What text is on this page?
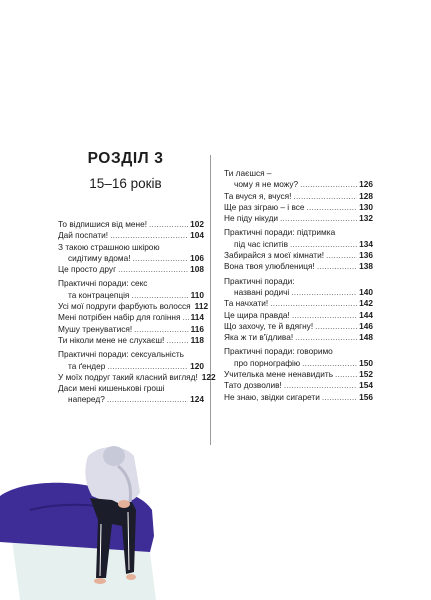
РОЗДІЛ 3
15–16 років
То відпишися від мене! .....	102
Дай поспати! .....	104
З такою страшною шкірою
сидітиму вдома! .....	106
Це просто друг .....	108
Практичні поради: секс
та контрацепція .....	110
Усі мої подруги фарбують волосся 112
Мені потрібен набір для гоління ..... 114
Мушу тренуватися! .....	116
Ти ніколи мене не слухаєш! .....	118
Практичні поради: сексуальність
та ґендер .....	120
У моїх подруг такий класний вигляд! 122
Даси мені кишенькові гроші
наперед? .....	124
Ти лаєшся –
чому я не можу? .....	126
Та вчуся я, вчуся! .....	128
Ще раз зіграю – і все .....	130
Не піду нікуди .....	132
Практичні поради: підтримка
під час іспитів .....	134
Забирайся з моєї кімнати! .....	136
Вона твоя улюблениця! .....	138
Практичні поради:
названі родичі .....	140
Та начхати! .....	142
Це щира правда! .....	144
Що захочу, те й вдягну! .....	146
Яка ж ти в'їдлива! .....	148
Практичні поради: говоримо
про порнографію .....	150
Учителька мене ненавидить .....	152
Тато дозволив! .....	154
Не знаю, звідки сигарети .....	156
